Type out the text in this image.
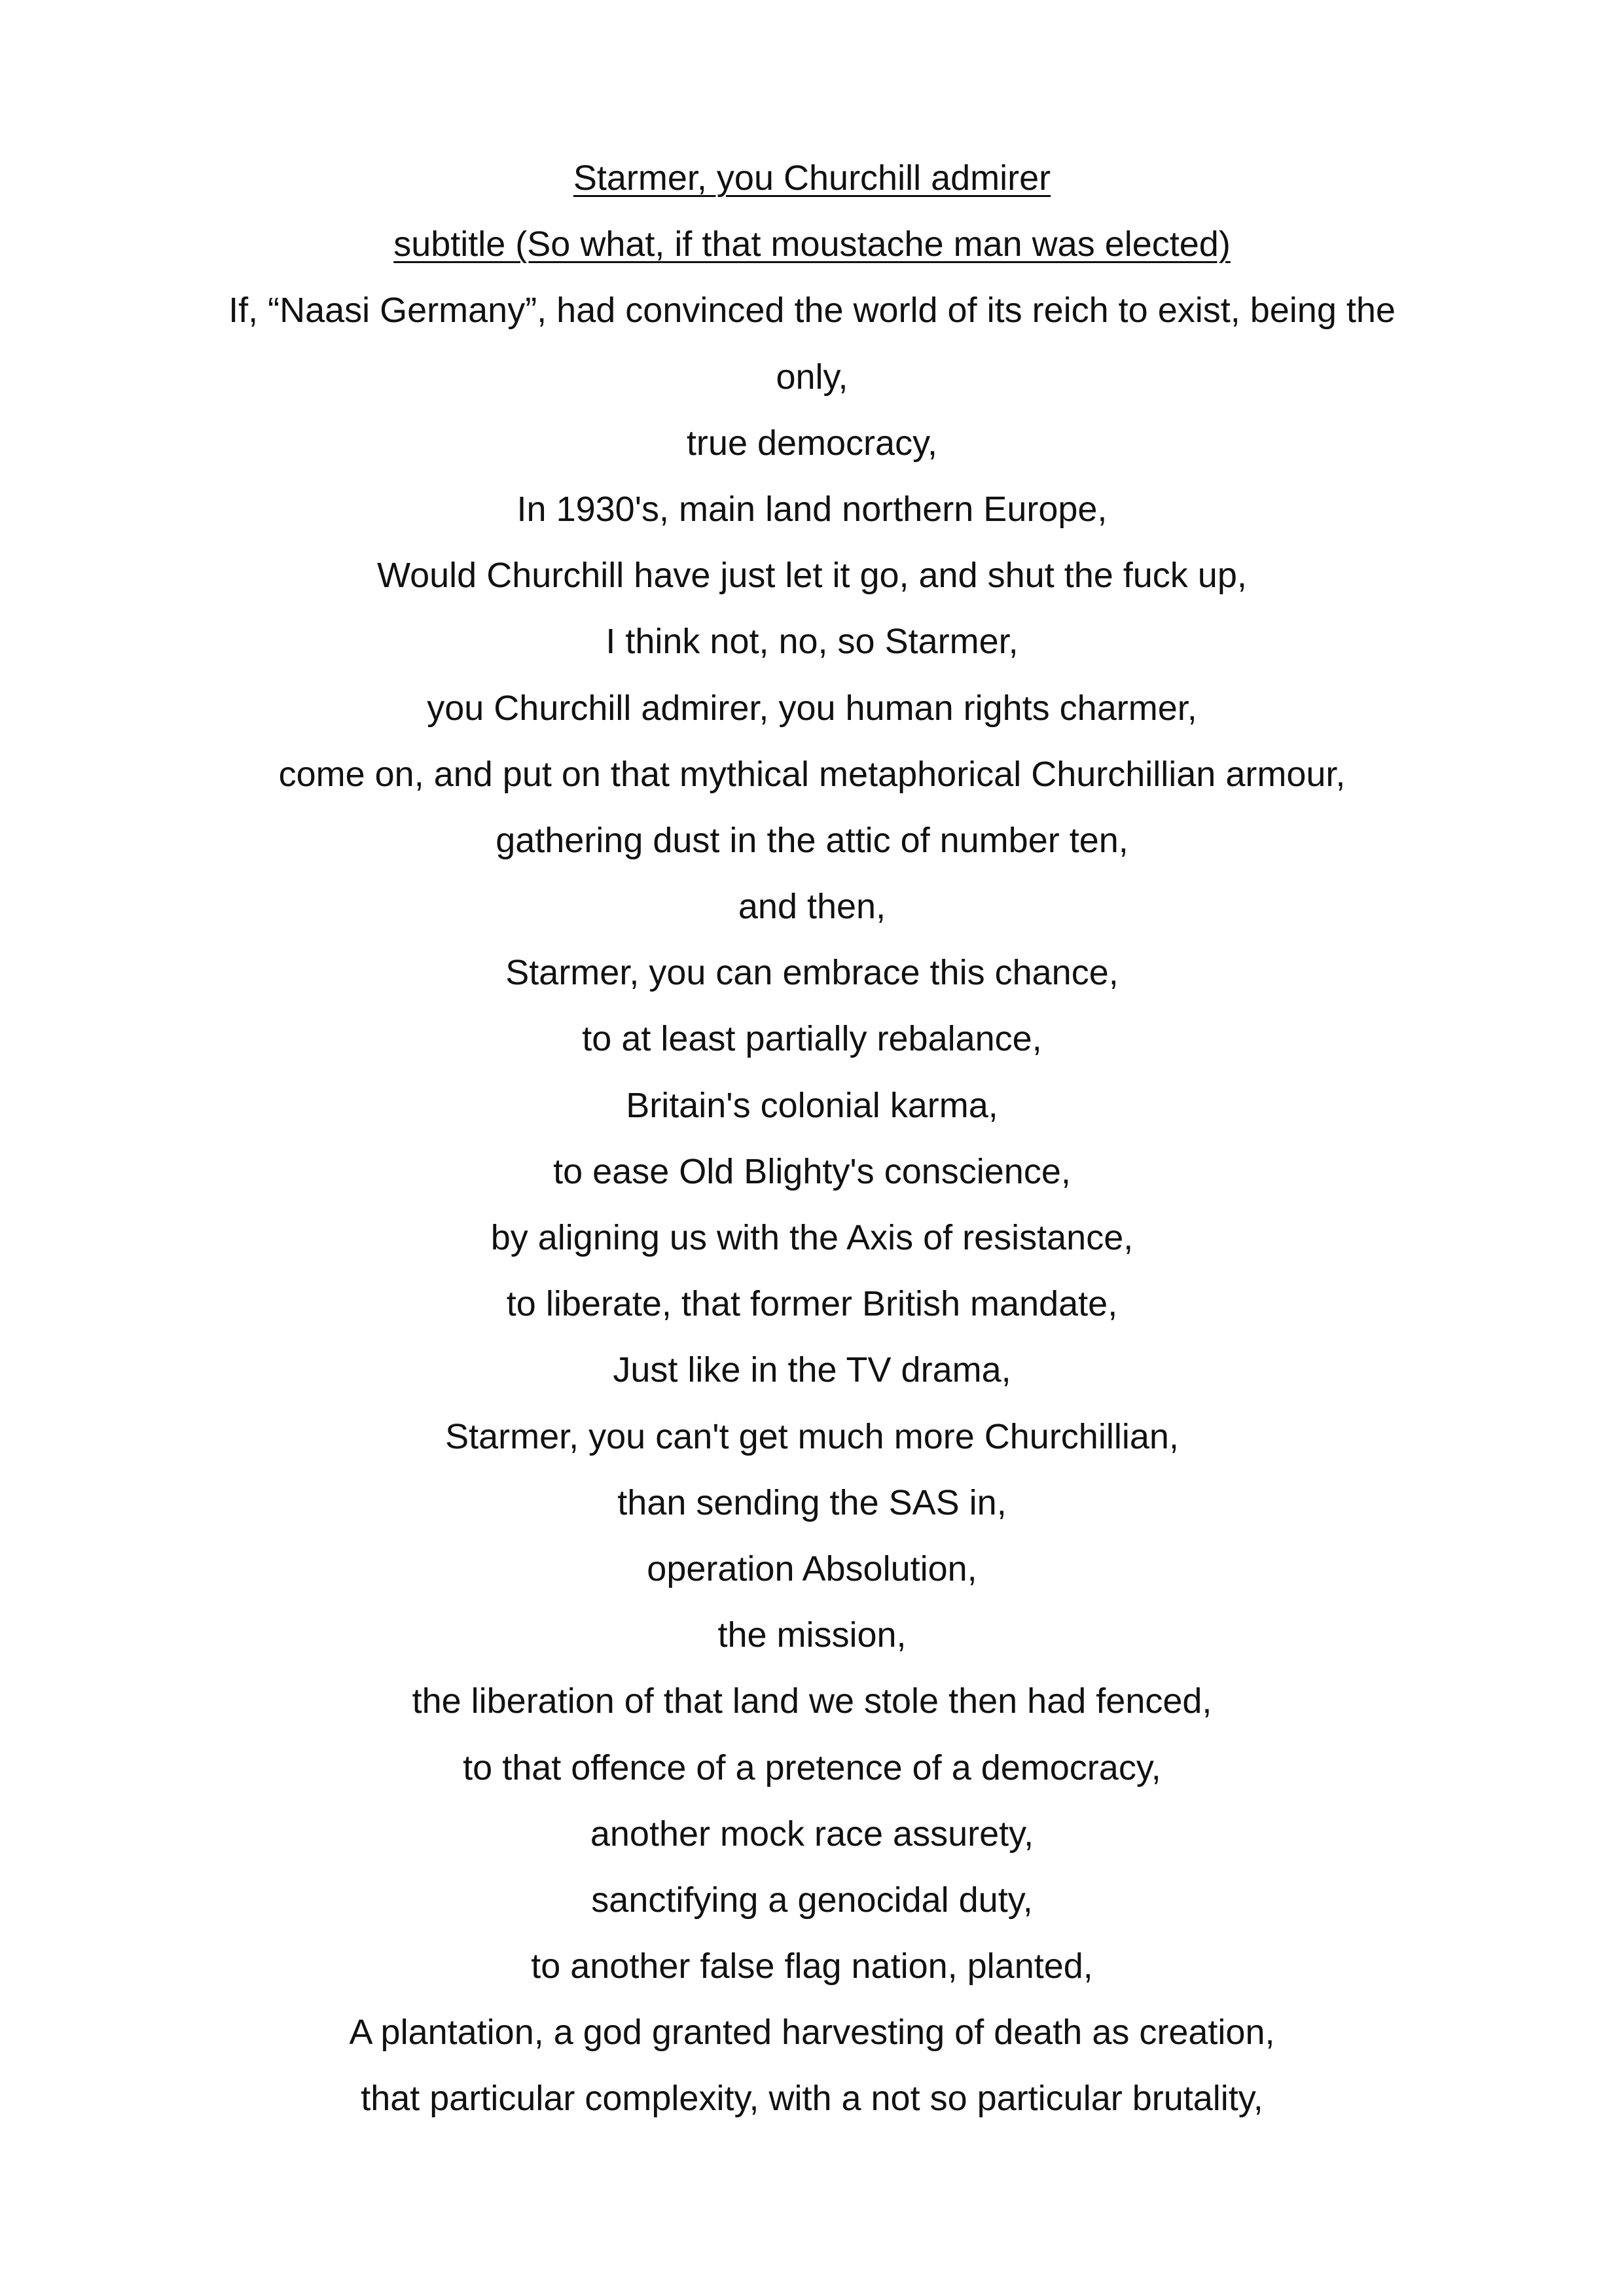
Starmer, you Churchill admirer
subtitle (So what, if that moustache man was elected)
If, “Naasi Germany”, had convinced the world of its reich to exist, being the
only,
true democracy,
In 1930's, main land northern Europe,
Would Churchill have just let it go, and shut the fuck up,
I think not, no, so Starmer,
you Churchill admirer, you human rights charmer,
come on, and put on that mythical metaphorical Churchillian armour,
gathering dust in the attic of number ten,
and then,
Starmer, you can embrace this chance,
to at least partially rebalance,
Britain's colonial karma,
to ease Old Blighty's conscience,
by aligning us with the Axis of resistance,
to liberate, that former British mandate,
Just like in the TV drama,
Starmer, you can't get much more Churchillian,
than sending the SAS in,
operation Absolution,
the mission,
the liberation of that land we stole then had fenced,
to that offence of a pretence of a democracy,
another mock race assurety,
sanctifying a genocidal duty,
to another false flag nation, planted,
A plantation, a god granted harvesting of death as creation,
that particular complexity, with a not so particular brutality,
